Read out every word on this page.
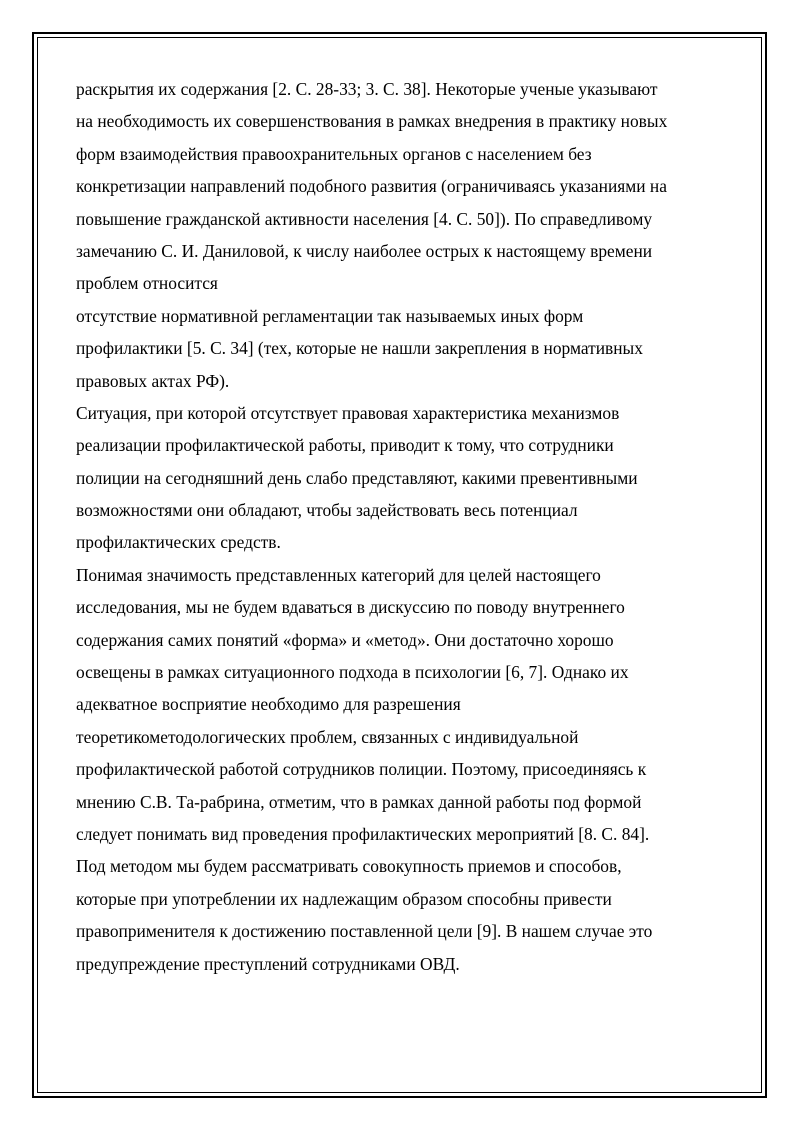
раскрытия их содержания [2. С. 28-33; 3. С. 38]. Некоторые ученые указывают
на необходимость их совершенствования в рамках внедрения в практику новых
форм взаимодействия правоохранительных органов с населением без
конкретизации направлений подобного развития (ограничиваясь указаниями на
повышение гражданской активности населения [4. С. 50]). По справедливому
замечанию С. И. Даниловой, к числу наиболее острых к настоящему времени
проблем относится
отсутствие нормативной регламентации так называемых иных форм
профилактики [5. С. 34] (тех, которые не нашли закрепления в нормативных
правовых актах РФ).
Ситуация, при которой отсутствует правовая характеристика механизмов
реализации профилактической работы, приводит к тому, что сотрудники
полиции на сегодняшний день слабо представляют, какими превентивными
возможностями они обладают, чтобы задействовать весь потенциал
профилактических средств.
Понимая значимость представленных категорий для целей настоящего
исследования, мы не будем вдаваться в дискуссию по поводу внутреннего
содержания самих понятий «форма» и «метод». Они достаточно хорошо
освещены в рамках ситуационного подхода в психологии [6, 7]. Однако их
адекватное восприятие необходимо для разрешения
теоретикометодологических проблем, связанных с индивидуальной
профилактической работой сотрудников полиции. Поэтому, присоединяясь к
мнению С.В. Та-рабрина, отметим, что в рамках данной работы под формой
следует понимать вид проведения профилактических мероприятий [8. С. 84].
Под методом мы будем рассматривать совокупность приемов и способов,
которые при употреблении их надлежащим образом способны привести
правоприменителя к достижению поставленной цели [9]. В нашем случае это
предупреждение преступлений сотрудниками ОВД.
